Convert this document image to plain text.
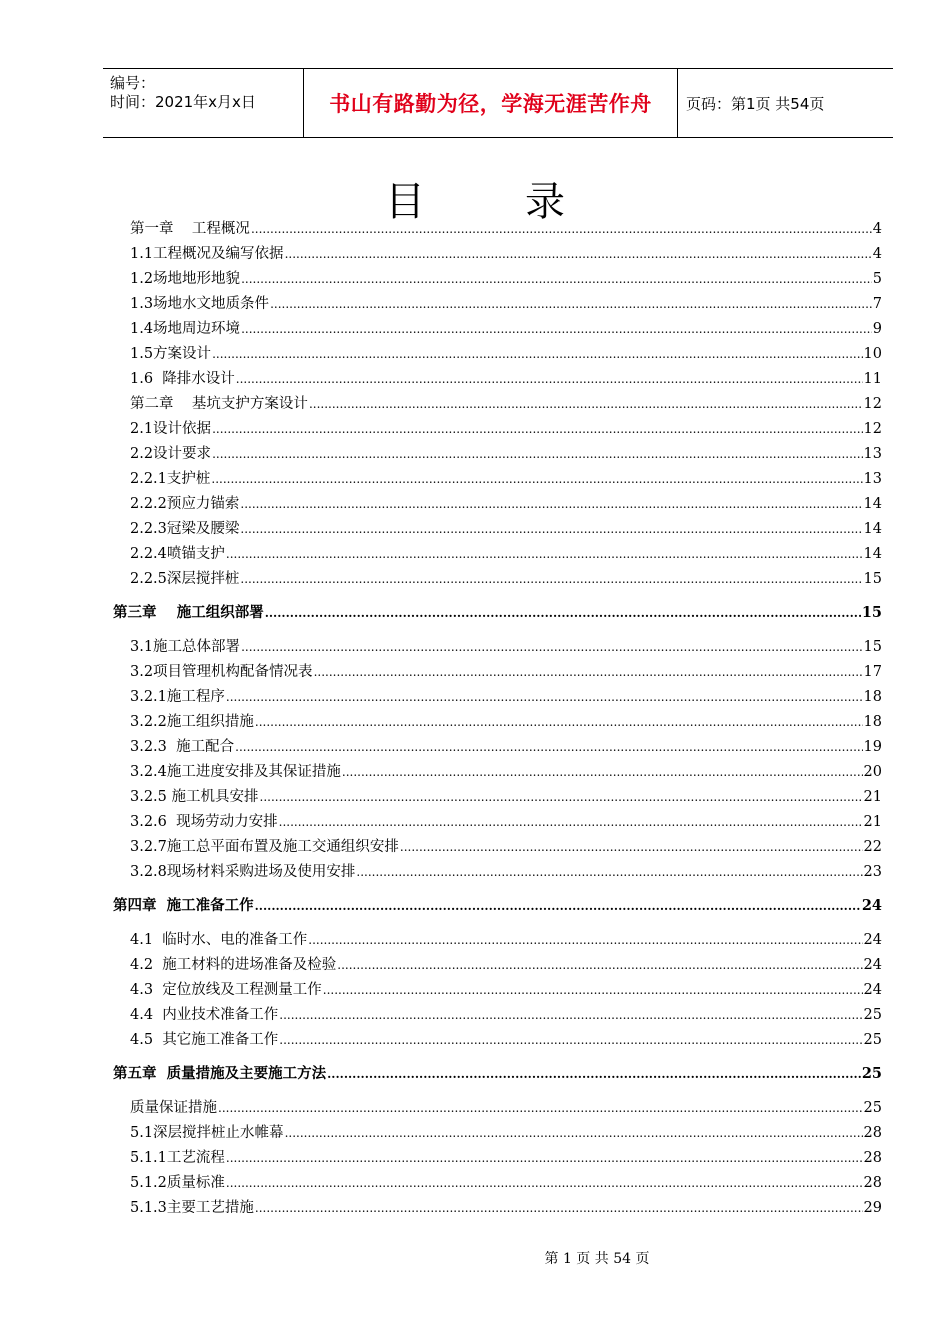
编号：
时间：2021年x月x日	书山有路勤为径，学海无涯苦作舟 页码：第1页 共54页
目	录
第一章    工程概况 .....	4
1.1工程概况及编写依据 .....	4
1.2场地地形地貌 .....	5
1.3场地水文地质条件 .....	7
1.4场地周边环境 .....	9
1.5方案设计 .....	10
1.6  降排水设计 .....	11
第二章    基坑支护方案设计 .....	12
2.1设计依据 .....	12
2.2设计要求 .....	13
2.2.1支护桩 .....	13
2.2.2预应力锚索 .....	14
2.2.3冠梁及腰梁 .....	14
2.2.4喷锚支护 .....	14
2.2.5深层搅拌桩 .....	15
第三章    施工组织部署 .....	15
3.1施工总体部署 .....	15
3.2项目管理机构配备情况表 .....	17
3.2.1施工程序 .....	18
3.2.2施工组织措施 .....	18
3.2.3  施工配合 .....	19
3.2.4施工进度安排及其保证措施 .....	20
3.2.5 施工机具安排 .....	21
3.2.6  现场劳动力安排 .....	21
3.2.7施工总平面布置及施工交通组织安排 .....	22
3.2.8现场材料采购进场及使用安排 .....	23
第四章  施工准备工作 .....	24
4.1  临时水、电的准备工作 .....	24
4.2  施工材料的进场准备及检验 .....	24
4.3  定位放线及工程测量工作 .....	24
4.4  内业技术准备工作 .....	25
4.5  其它施工准备工作 .....	25
第五章  质量措施及主要施工方法 .....	25
质量保证措施 .....	25
5.1深层搅拌桩止水帷幕 .....	28
5.1.1工艺流程 .....	28
5.1.2质量标准 .....	28
5.1.3主要工艺措施 .....	29
第 1 页 共 54 页
